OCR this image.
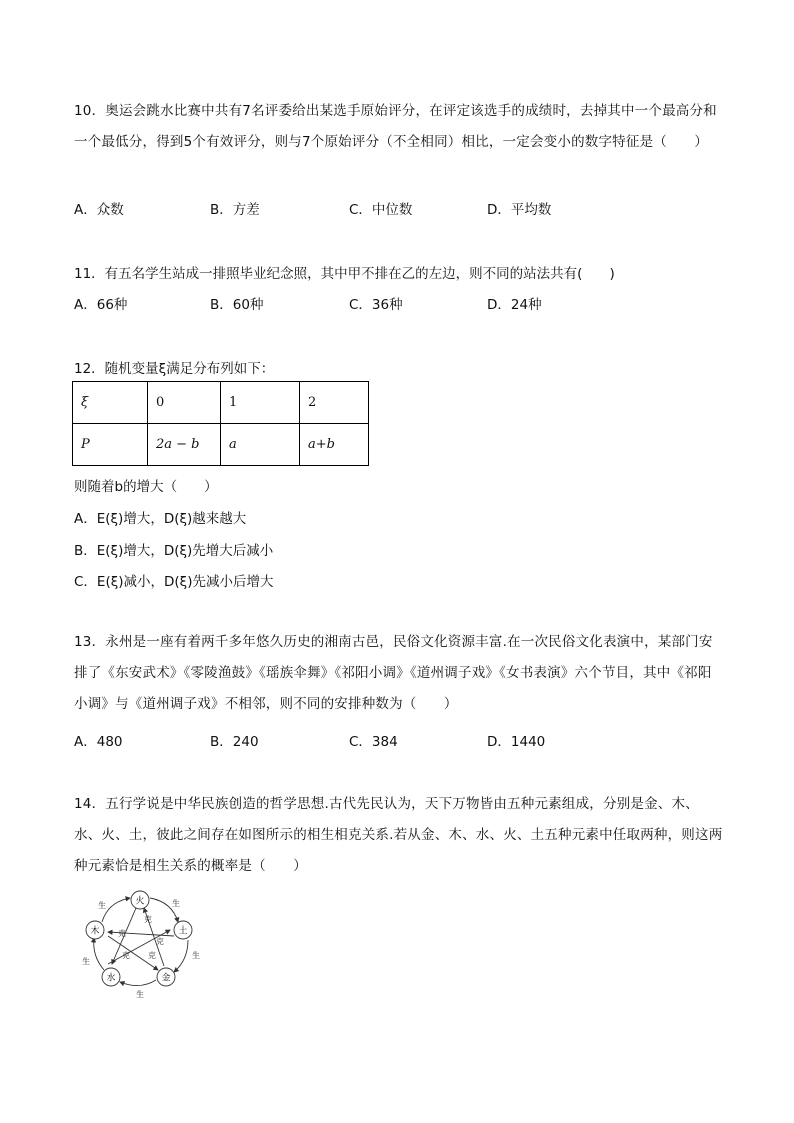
10．奥运会跳水比赛中共有7名评委给出某选手原始评分，在评定该选手的成绩时，去掉其中一个最高分和一个最低分，得到5个有效评分，则与7个原始评分（不全相同）相比，一定会变小的数字特征是（　　）
A．众数	B．方差	C．中位数	D．平均数
11．有五名学生站成一排照毕业纪念照，其中甲不排在乙的左边，则不同的站法共有(　　)
A．66种	B．60种	C．36种	D．24种
12．随机变量ξ满足分布列如下：
ξ	0	1	2
P	2a − b	a	a+b
则随着b的增大（　　）
A．E(ξ)增大，D(ξ)越来越大
B．E(ξ)增大，D(ξ)先增大后减小
C．E(ξ)减小，D(ξ)先减小后增大
13．永州是一座有着两千多年悠久历史的湘南古邑，民俗文化资源丰富.在一次民俗文化表演中，某部门安排了《东安武术》《零陵渔鼓》《瑶族伞舞》《祁阳小调》《道州调子戏》《女书表演》六个节目，其中《祁阳小调》与《道州调子戏》不相邻，则不同的安排种数为（　　）
A．480	B．240	C．384	D．1440
14．五行学说是中华民族创造的哲学思想.古代先民认为，天下万物皆由五种元素组成，分别是金、木、水、火、土，彼此之间存在如图所示的相生相克关系.若从金、木、水、火、土五种元素中任取两种，则这两种元素恰是相生关系的概率是（　　）
火
土
金
水
木
生	生
生
生
生
克
克
克
克 克
